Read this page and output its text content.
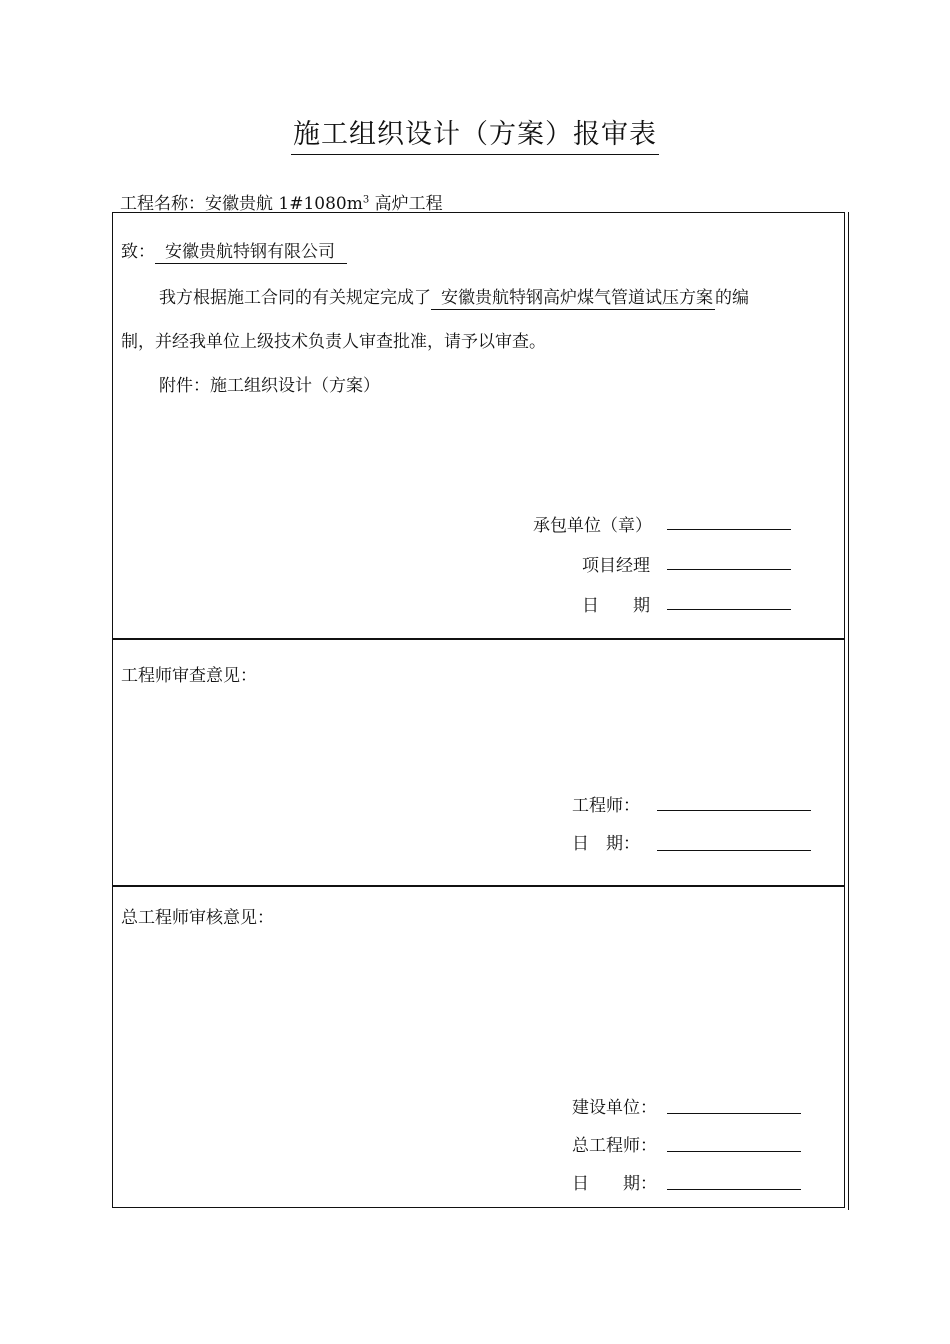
施工组织设计（方案）报审表
工程名称：安徽贵航 $1\#1080m^3$ 高炉工程
致： 安徽贵航特钢有限公司
我方根据施工合同的有关规定完成了 安徽贵航特钢高炉煤气管道试压方案 的编
制，并经我单位上级技术负责人审查批准，请予以审查。
附件：施工组织设计（方案）
承包单位（章）
项目经理
日　　期
工程师审查意见：
工程师：
日　期：
总工程师审核意见：
建设单位：
总工程师：
日　　期：
